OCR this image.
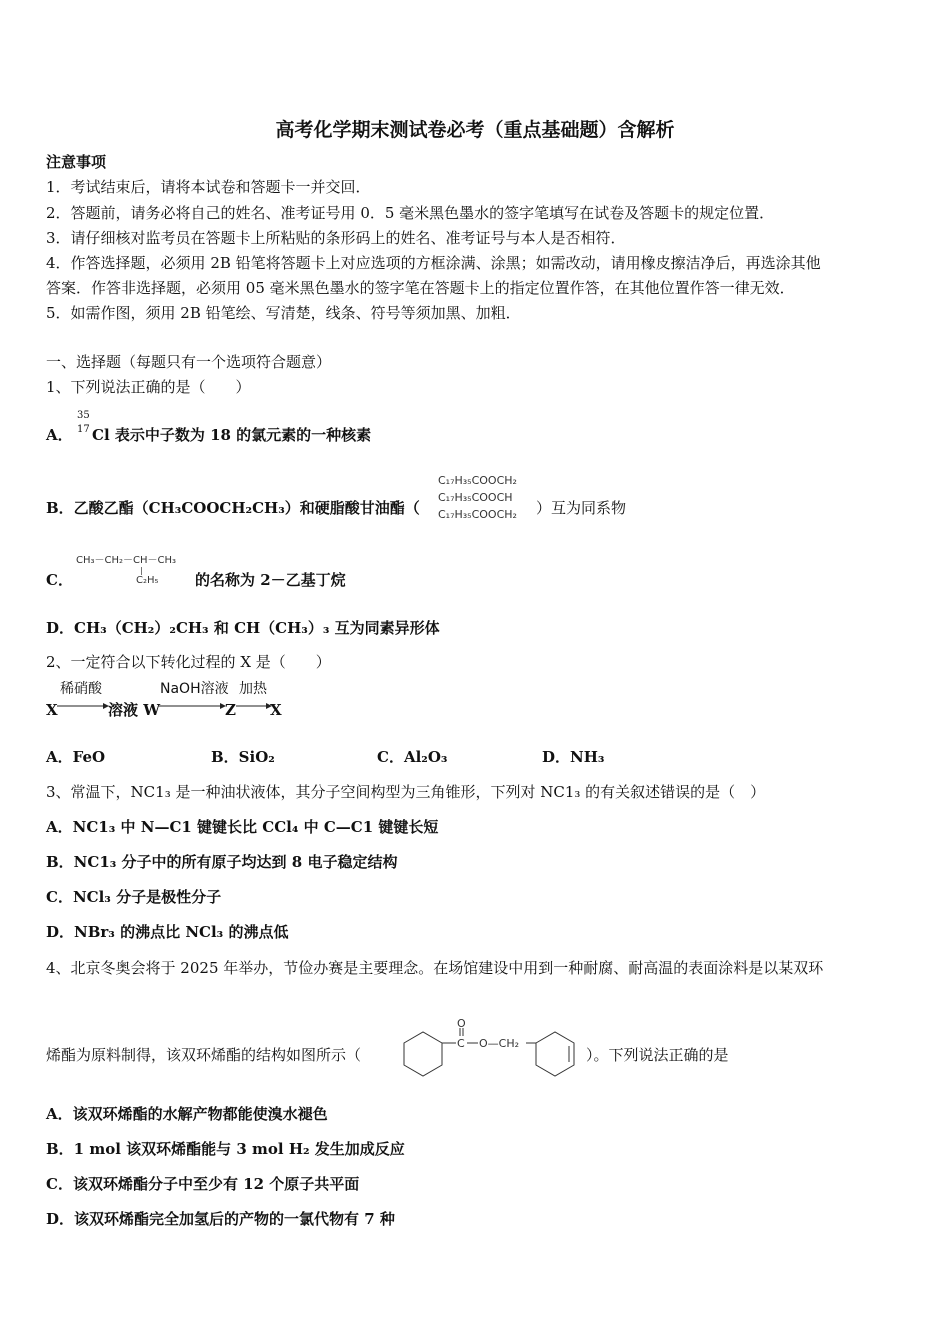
高考化学期末测试卷必考（重点基础题）含解析
注意事项
1．考试结束后，请将本试卷和答题卡一并交回．
2．答题前，请务必将自己的姓名、准考证号用 0．5 毫米黑色墨水的签字笔填写在试卷及答题卡的规定位置．
3．请仔细核对监考员在答题卡上所粘贴的条形码上的姓名、准考证号与本人是否相符．
4．作答选择题，必须用 2B 铅笔将答题卡上对应选项的方框涂满、涂黑；如需改动，请用橡皮擦洁净后，再选涂其他
答案．作答非选择题，必须用 05 毫米黑色墨水的签字笔在答题卡上的指定位置作答，在其他位置作答一律无效．
5．如需作图，须用 2B 铅笔绘、写清楚，线条、符号等须加黑、加粗．
一、选择题（每题只有一个选项符合题意）
1、下列说法正确的是（　　）
A．
35
17 Cl 表示中子数为 18 的氯元素的一种核素
B．乙酸乙酯（CH₃COOCH₂CH₃）和硬脂酸甘油酯（
C₁₇H₃₅COOCH₂
C₁₇H₃₅COOCH
C₁₇H₃₅COOCH₂ ）互为同系物
C．
CH₃－CH₂－CH－CH₃
|
C₂H₅	的名称为 2－乙基丁烷
D．CH₃（CH₂）₂CH₃ 和 CH（CH₃）₃ 互为同素异形体
2、一定符合以下转化过程的 X 是（　　）
稀硝酸	NaOH溶液 加热
X	溶液 W	Z X
A．FeO	B．SiO₂	C．Al₂O₃	D．NH₃
3、常温下，NC1₃ 是一种油状液体，其分子空间构型为三角锥形，下列对 NC1₃ 的有关叙述错误的是（　）
A．NC1₃ 中 N—C1 键键长比 CCl₄ 中 C—C1 键键长短
B．NC1₃ 分子中的所有原子均达到 8 电子稳定结构
C．NCl₃ 分子是极性分子
D．NBr₃ 的沸点比 NCl₃ 的沸点低
4、北京冬奥会将于 2025 年举办，节俭办赛是主要理念。在场馆建设中用到一种耐腐、耐高温的表面涂料是以某双环
烯酯为原料制得，该双环烯酯的结构如图所示（
C
O
O—CH₂
）。下列说法正确的是
A．该双环烯酯的水解产物都能使溴水褪色
B．1 mol 该双环烯酯能与 3 mol H₂ 发生加成反应
C．该双环烯酯分子中至少有 12 个原子共平面
D．该双环烯酯完全加氢后的产物的一氯代物有 7 种
